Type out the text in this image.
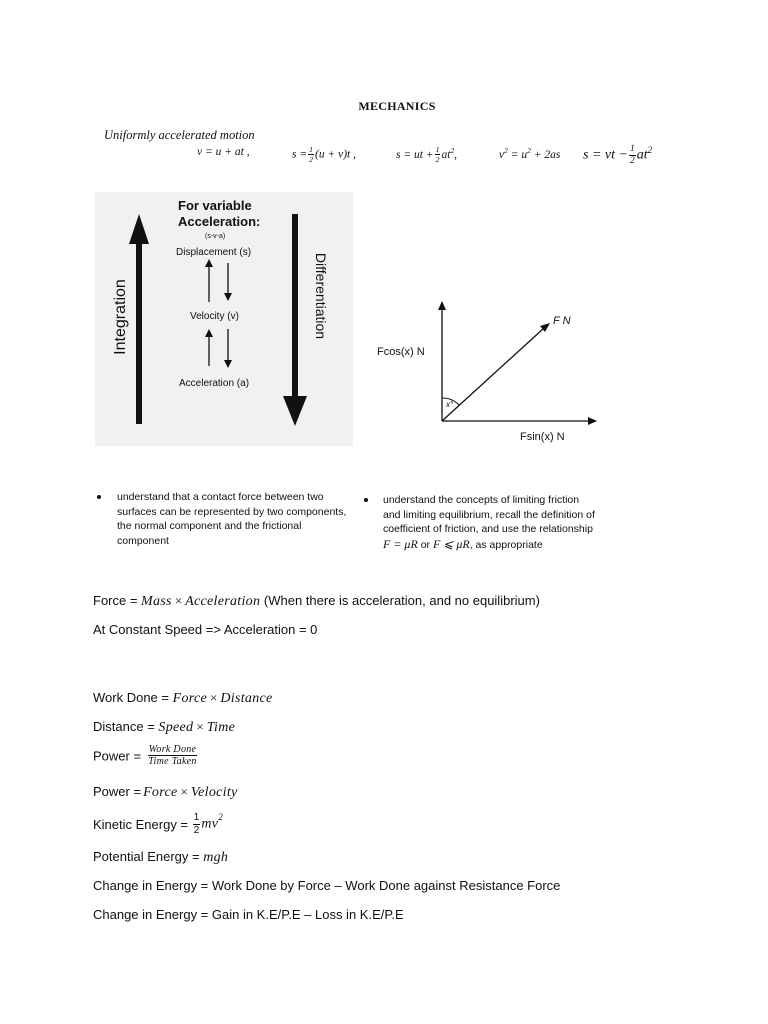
MECHANICS
Uniformly accelerated motion
v = u + at ,	$s = \frac{1}{2} (u + v)t$ ,	s = ut + $\frac{1}{2} at^2$,	$v^2 = u^2 + 2as$ s = vt − $\frac{1}{2} at^2$
For variable
Acceleration:
(s-v-a)
Displacement (s)
Velocity (v)
Acceleration (a)
Integration	Differentiation	F N
Fcos(x) N
Fsin(x) N
x°
understand that a contact force between two
surfaces can be represented by two components,
the normal component and the frictional
component
understand the concepts of limiting friction
and limiting equilibrium, recall the definition of
coefficient of friction, and use the relationship
F = μR or F ⩽ μR, as appropriate
Force = Mass × Acceleration (When there is acceleration, and no equilibrium)
At Constant Speed => Acceleration = 0
Work Done = Force × Distance
Distance = Speed × Time
Power = $\frac{\text{Work Done}}{\text{Time Taken}}$
Power = Force × Velocity
Kinetic Energy = $\frac{1}{2} mv^2$
Potential Energy = mgh
Change in Energy = Work Done by Force – Work Done against Resistance Force
Change in Energy = Gain in K.E/P.E – Loss in K.E/P.E
